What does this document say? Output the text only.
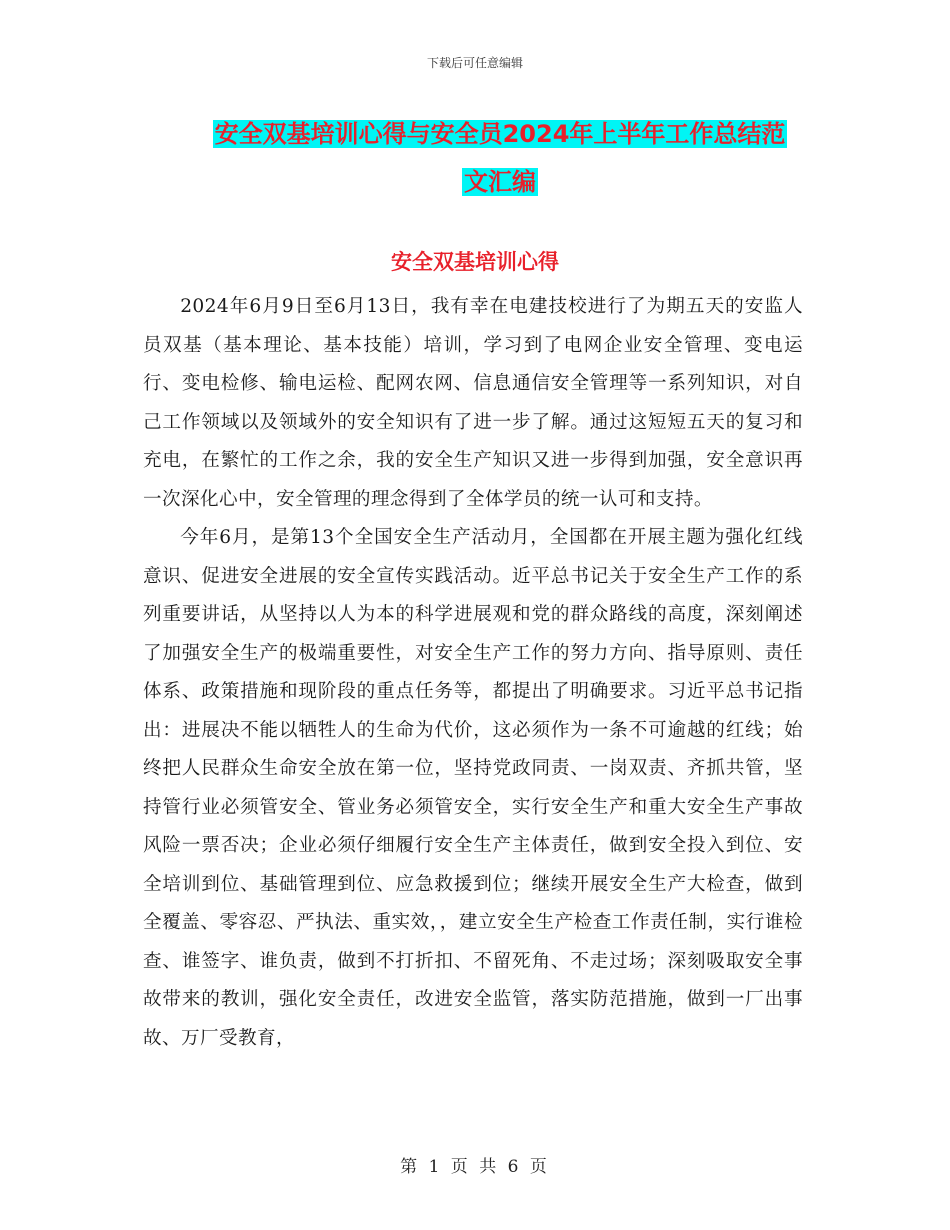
下载后可任意编辑
安全双基培训心得与安全员2024年上半年工作总结范
文汇编
安全双基培训心得

2024年6月9日至6月13日，我有幸在电建技校进行了为期五天的安监人员双基（基本理论、基本技能）培训，学习到了电网企业安全管理、变电运行、变电检修、输电运检、配网农网、信息通信安全管理等一系列知识，对自己工作领域以及领域外的安全知识有了进一步了解。通过这短短五天的复习和充电，在繁忙的工作之余，我的安全生产知识又进一步得到加强，安全意识再一次深化心中，安全管理的理念得到了全体学员的统一认可和支持。

今年6月，是第13个全国安全生产活动月，全国都在开展主题为强化红线意识、促进安全进展的安全宣传实践活动。近平总书记关于安全生产工作的系列重要讲话，从坚持以人为本的科学进展观和党的群众路线的高度，深刻阐述了加强安全生产的极端重要性，对安全生产工作的努力方向、指导原则、责任体系、政策措施和现阶段的重点任务等，都提出了明确要求。习近平总书记指出：进展决不能以牺牲人的生命为代价，这必须作为一条不可逾越的红线；始终把人民群众生命安全放在第一位，坚持党政同责、一岗双责、齐抓共管，坚持管行业必须管安全、管业务必须管安全，实行安全生产和重大安全生产事故风险一票否决；企业必须仔细履行安全生产主体责任，做到安全投入到位、安全培训到位、基础管理到位、应急救援到位；继续开展安全生产大检查，做到全覆盖、零容忍、严执法、重实效，，建立安全生产检查工作责任制，实行谁检查、谁签字、谁负责，做到不打折扣、不留死角、不走过场；深刻吸取安全事故带来的教训，强化安全责任，改进安全监管，落实防范措施，做到一厂出事故、万厂受教育，

第 1 页 共 6 页
